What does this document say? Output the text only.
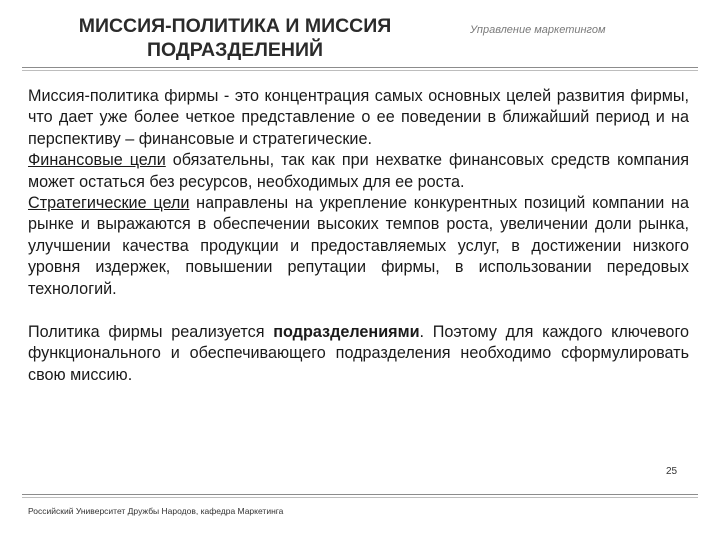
МИССИЯ-ПОЛИТИКА И МИССИЯ
ПОДРАЗДЕЛЕНИЙ
Управление маркетингом

Миссия-политика фирмы - это концентрация самых основных целей развития фирмы, что дает уже более четкое представление о ее поведении в ближайший период и на перспективу – финансовые и стратегические.

Финансовые цели обязательны, так как при нехватке финансовых средств компания может остаться без ресурсов, необходимых для ее роста.

Стратегические цели направлены на укрепление конкурентных позиций компании на рынке и выражаются в обеспечении высоких темпов роста, увеличении доли рынка, улучшении качества продукции и предоставляемых услуг, в достижении низкого уровня издержек, повышении репутации фирмы, в использовании передовых технологий.

Политика фирмы реализуется подразделениями. Поэтому для каждого ключевого функционального и обеспечивающего подразделения необходимо сформулировать свою миссию.

25
Российский Университет Дружбы Народов, кафедра Маркетинга
